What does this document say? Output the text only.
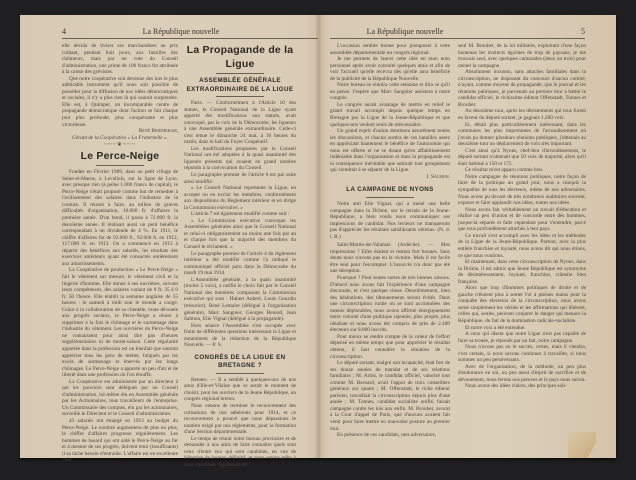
4	La République nouvelle

elle décida de liviser ses marchandises au prix coûtant, pendant huit jours, aux familles des chômeurs, mais par un vote du Conseil d'administration, une prime de 100 francs fut attribuée à la caisse des grévistes.

Que notre coopérative soit devenue des lors le plus admirable instrument qu'il nous soit possible de posséder pour la diffusion de nos idées démocratiques et sociales, il n'y a plus rien là qui saurait surprendre. Elle est, à Quimper, un incomparable centre de propagande démocratique dont l'action se fait chaque jour plus profonde, plus conquérante et plus victorieuse.

René Bertheram,
Gérant de la Coopérative « La Fraternelle ».
~~~❦~~~
Le Perce-Neige

Fondée en Février 1909, dans un petit village de Seine-et-Marne, à Levallois, sur la ligne de Lyon, avec presque rien (à peine 1.000 francs de capital), le Perce-Neige s'était proposé comme but de remédier à l'avilissement des salaires dans l'industrie de la couture. Il réussit à faire, au milieu de graves difficultés d'organisation, 18.000 fr. d'affaires la première année. D'un bond, il passa à 72.000 fr. la deuxième année. Il réalisait aussi un petit bénéfice correspondant à un dividende de 4 %. En 1911, le chiffre d'affaires fut de 92.000 fr., 92.000 fr. en 1912, 117.000 fr. en 1913. On a commencé en 1913 à répartir des bénéfices aux salariés, les résultats des exercices antérieurs ayant été consacrés entièrement aux amortissements.

La Coopérative de production « Le Perce-Neige » fait le vêtement sur mesure, le vêtement civil et la lingerie d'homme. Elle donne à ses ouvrières, suivant leurs compétences, des salaires variant de 0 fr. 35 à 0 fr. 50 l'heure. Elle établit la semaine anglaise de 55 heures : le samedi à midi tout le monde a congé. Grâce à la collaboration de sa clientèle, toute dévouée aux progrès sociaux, le Perce-Neige a réussi à supprimer à la fois le chômage et le surmenage dans l'industrie du vêtement. Les ouvrières du Perce-Neige ne connaissent pour ainsi dire pas d'heures supplémentaires ni de morte-saison. Cette régularité apportée dans la profession est un bienfait que sauront apprécier tous les gens de métier, fatigués par les excès de surmenage et énervés par les longs chômages. Le Perce-Neige a apporté un peu d'air et de liberté dans une profession où l'on étouffe.

La Coopérative est administrée par un directeur à qui les pouvoirs sont délégués par un Conseil d'administration, lui-même élu en Assemblée générale par les Actionnaires, tous travailleurs de l'entreprise. Un Commissaire des comptes, élu par les actionnaires, surveille le Directeur et le Conseil d'administration.

43 salariés ont émargé en 1913 au budget du Perce-Neige. Le nombre augmentera de plus en plus, le chiffre d'affaires progresse régulièrement. Les hommes de hasard qui ont aidé le Perce-Neige au fur et à mesure de ses progrès, doivent tenir (insuffisants) il sa tâche besoin d'entraide. L'affaire est en excellente voie.

La Propagande de la Ligue
ASSEMBLÉE GÉNÉRALE EXTRAORDINAIRE DE LA LIGUE

Paris. — Conformément à l'Article 10 des statuts, le Conseil National de la Ligue ayant apporté des modifications aux statuts, avait convoqué, par la voix de la Démocratie, les ligueurs à une Assemblée générale extraordinaire. Celle-ci s'est tenue le dimanche 24 mai, à 10 heures du matin, dans le hall du Foyer Coopératif.

Les modifications proposées par le Conseil National ont été adoptées à la quasi unanimité des ligueurs présents qui avaient en grand nombre répondu à la convocation du Conseil.

Le paragraphe premier de l'article 6 est par suite ainsi modifié :

« Le Conseil National représente la Ligue, en accepte ou en exclut les membres, conformément aux dispositions du Règlement intérieur et en dirige la Commission exécutive. »

L'article 7 est également modifié comme suit :

« La Commission exécutive convoque les Assemblées générales ainsi que le Conseil National et celui-ci obligatoirement au moins une fois par an et chaque fois que la majorité des membres du Conseil le réclament. »

Le paragraphe premier de l'article 4 du règlement intérieur a été modifié comme l'a indiqué le communiqué officiel paru dans la Démocratie du mardi 19 mai 1914.

L'Assemblée générale, à la quasi unanimité (moins 5 voix), a ratifié le choix fait par le Conseil National des membres composant la Commission exécutive qui sont : Hubert Aubert, Louis Gourdin (trésorier), René Lemaire (délégué à l'organisation générale), Marc Sangnier, Georges Renard, Jean Salmon, Elie Vignal (délégué à la propagande).

Hors séance l'Assemblée s'est occupée avec fruits de différentes questions intéressant la Ligue et notamment de la rédaction de la République Nouvelle. — P. S.

CONGRÈS DE LA LIGUE EN BRETAGNE ?

Rennes. — Il a semblé à quelques-uns de nos amis d'Ille-et-Vilaine que ce serait le moment de choisir, pour les ouvriers de la Jeune République, un congrès régional breton.

Nous venons de terminer le recouvrement des cotisations de nos adhérents pour 1914, et ce recouvrement a prouvé que nous dépassions le nombre exigé par nos règlements, pour la formation d'une Section départementale.

Le temps de réunir notre bureau provisoire et de demander à nos amis de faire connaître quels sont ceux d'entre eux qui sont candidats, en vue de l'élection du bureau définitif, et nous serons prêts à nous constituer régulièrement.

La République nouvelle	5

L'occasion semble bonne pour juxtaposer à cette assemblée départementale un congrès régional.

Je me permets de lancer cette idée en mon nom personnel après avoir consulté quelques amis et afin de voir l'accueil qu'elle recevra dès qu'elle aura bénéficié de la publicité de la République Nouvelle.

Notre bureau se réunira cette semaine et dira ce qu'il en pense. J'espère que Marc Sangnier assistera à notre congrès.

Le congrès aurait avantage de mettre en relief le grand travail accompli depuis quelque temps en Bretagne par la Ligue de la Jeune-République et que quelques-uns veulent seuls de méconnaître.

Un grand esprit d'union dominera assurément toutes les discussions, et chacun sortira de ces batailles assez en appréciant hautement le bénéfice de l'autonomie qui nous est offerte et ne se disant qu'en affaiblissement indéniable dans l'organisation et dans la propagande est la conséquence inévitable que subirait tout groupement qui viendrait à se séparer de la Ligue.

J. Salmon.
LA CAMPAGNE DE NYONS

Notre ami Elie Vignal, qui a mené une belle campagne dans la Drôme, sur le terrain de la Jeune-République, a bien voulu nous communiquer ses impressions de candidat. Nos lecteurs ne manqueront pas d'apprécier les résultats satisfaisants obtenus. (N. d. l. R.)

Saint-Martin-de-Valamas (Ardèche). — Mes impressions ? Elles étaient et restent fort bonnes. Sans doute nous n'avons pas eu la victoire. Mais il est facile être seul pour l'escompter. L'insuccès n'a donc pas été une déception.

Pourquoi ? Pour toutes sortes de très bonnes raisons. D'abord nous avons fait l'expérience d'une campagne électorale, et c'est quelque chose. Deuxièmement, bien des hésitations, des tâtonnements seront évités. Dans une circonscription rurale où se sont accumulées des mœurs déplorables, nous avons affirmé énergiquement notre volonté d'une politique rajeunie, plus propre, plus idéaliste et nous avons été compris de près de 2.400 électeurs sur 8.000 inscrits.

Pour mieux se rendre compte de la valeur de l'effort dépensé en même temps que pour apprécier le résultat obtenu, il faut connaître la situation de la circonscription.

Le député sortant, malgré son incapacité, était fort de ses douze années de mandat et de ses relations familiales ; M. Artist, le candidat officiel, valorisé tout comme M. Bernard, avait l'appui de trois conseillers généraux sur quatre ; M. Offenstadt, le riche éditeur parisien, travaillait la circonscription depuis plus d'une année ; M. Tonnes, candidat socialiste unifié, faisait campagne contre les lois aux enfin. M. Brouher, avocat à la Cour d'appel de Paris, que d'aucuns avaient fait venir pour faire mettre en mauvaise posture au premier tour.

En présence de ces candidats, mes adversaires,

seul M. Brouher, de la loi militaire, exploitant d'une façon honteuse les instincts égoïstes de trop de paysans, je me trouvais seul, avec quelques camarades (deux ou trois) pour mener la campagne.

Absolument inconnu, sans attaches familiales dans la circonscription, ne disposant du concours d'aucun comité, n'ayant, comme moyens de propagande, que le journal et les réunions publiques, je parvenais au premier tour à battre le candidat officiel, le richissime éditeur Offenstadt, Tonnes et Brouher.

Au deuxième tour, après les désistements qui tous furent en faveur du député sortant, je gagnais 1.200 voix.

Et, détail plus particulièrement intéressant, dans les communes les plus importantes de l'arrondissement où j'avais pu donner plusieurs réunions publiques, j'obtenais au deuxième tour un déplacement de voix très important.

C'est ainsi qu'à Nyons, chef-lieu d'arrondissement, le député sortant n'obtenait que 50 voix de majorité, alors qu'il était habitué à 150 et 175.

Ce résultat m'est apparu comme bon.

Notre campagne de réunions publiques, notre façon de faire de la politique au grand jour, nous a conquis la sympathie de tous les électeurs, même de nos adversaires. Nous avons pu devant de très nombreux auditoires souvent, exposer et faire applaudir nos idées, toutes nos idées.

Nous avons fait véritablement un travail d'éducation et réalisé un peu d'union et de concorde entre des hommes, jusque-là séparés et faits cependant pour s'entendre, parce que tous profondément attachés à leur pays.

Ce travail s'est accompli avec les idées et les méthodes de la Ligue de la Jeune-République. Partout, avec la plus entière franchise et loyauté, nous avons dit qui nous étions, ce que nous voulions.

Et maintenant, dans cette circonscription de Nyons, dans la Drôme, il est admis que Jeune République est synonyme de désintéressement, loyauté, franchise, crânerie bien française.

Alors que trop d'hommes politiques de droite et de gauche n'étaient plus à semer l'or à pleines mains pour la conquête des électeurs de la circonscription, nous avons semé simplement les vérités et les affirmations qui libèrent, celles qui, seules, peuvent conjurer le danger qui menace la République, du fait de la domination radicale-socialiste.

Et notre voix a été entendue.

A ceux qui disent que notre Ligue n'est pas capable de faire sa trouée, je réponds par un fait, notre campagne.

Nous n'avons pas eu le succès, certes, mais il viendra, c'est certain, si nous savons continuer à travailler, si nous sommes un peu persévérants.

Avec de l'organisation, de la méthode, un peu plus d'endurance en soi, un peu aussi d'esprit de sacrifice et de dévouement, nous ferons nos preuves et le pays nous suivra.

Nous avons des idées claires, des principes soli-
